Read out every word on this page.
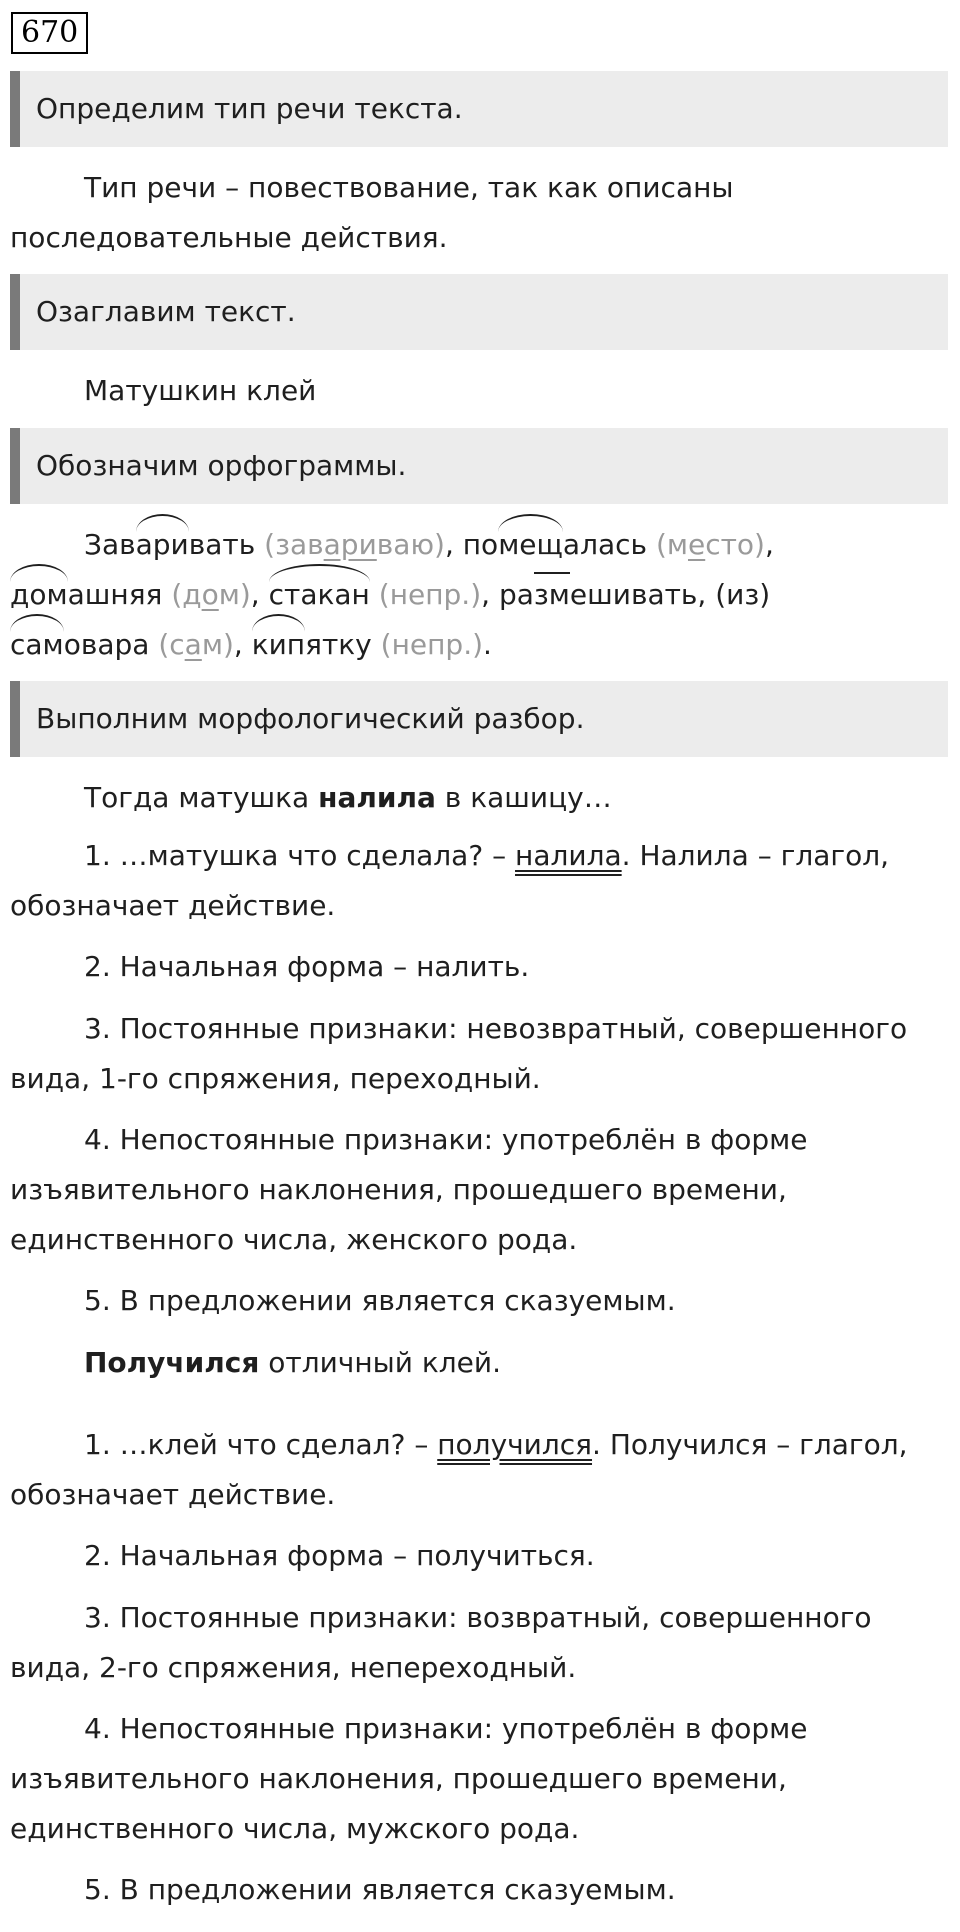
670
Определим тип речи текста.

Тип речи – повествование, так как описаны

последовательные действия.

Озаглавим текст.

Матушкин клей

Обозначим орфограммы.

Заваривать (завариваю), помещалась (место),

домашняя (дом), стакан (непр.), размешивать, (из)

самовара (сам), кипятку (непр.).

Выполним морфологический разбор.

Тогда матушка налила в кашицу…

1. …матушка что сделала? – налила. Налила – глагол,

обозначает действие.

2. Начальная форма – налить.

3. Постоянные признаки: невозвратный, совершенного

вида, 1-го спряжения, переходный.

4. Непостоянные признаки: употреблён в форме

изъявительного наклонения, прошедшего времени,

единственного числа, женского рода.

5. В предложении является сказуемым.

Получился отличный клей.

1. …клей что сделал? – получился. Получился – глагол,

обозначает действие.

2. Начальная форма – получиться.

3. Постоянные признаки: возвратный, совершенного

вида, 2-го спряжения, непереходный.

4. Непостоянные признаки: употреблён в форме

изъявительного наклонения, прошедшего времени,

единственного числа, мужского рода.

5. В предложении является сказуемым.
